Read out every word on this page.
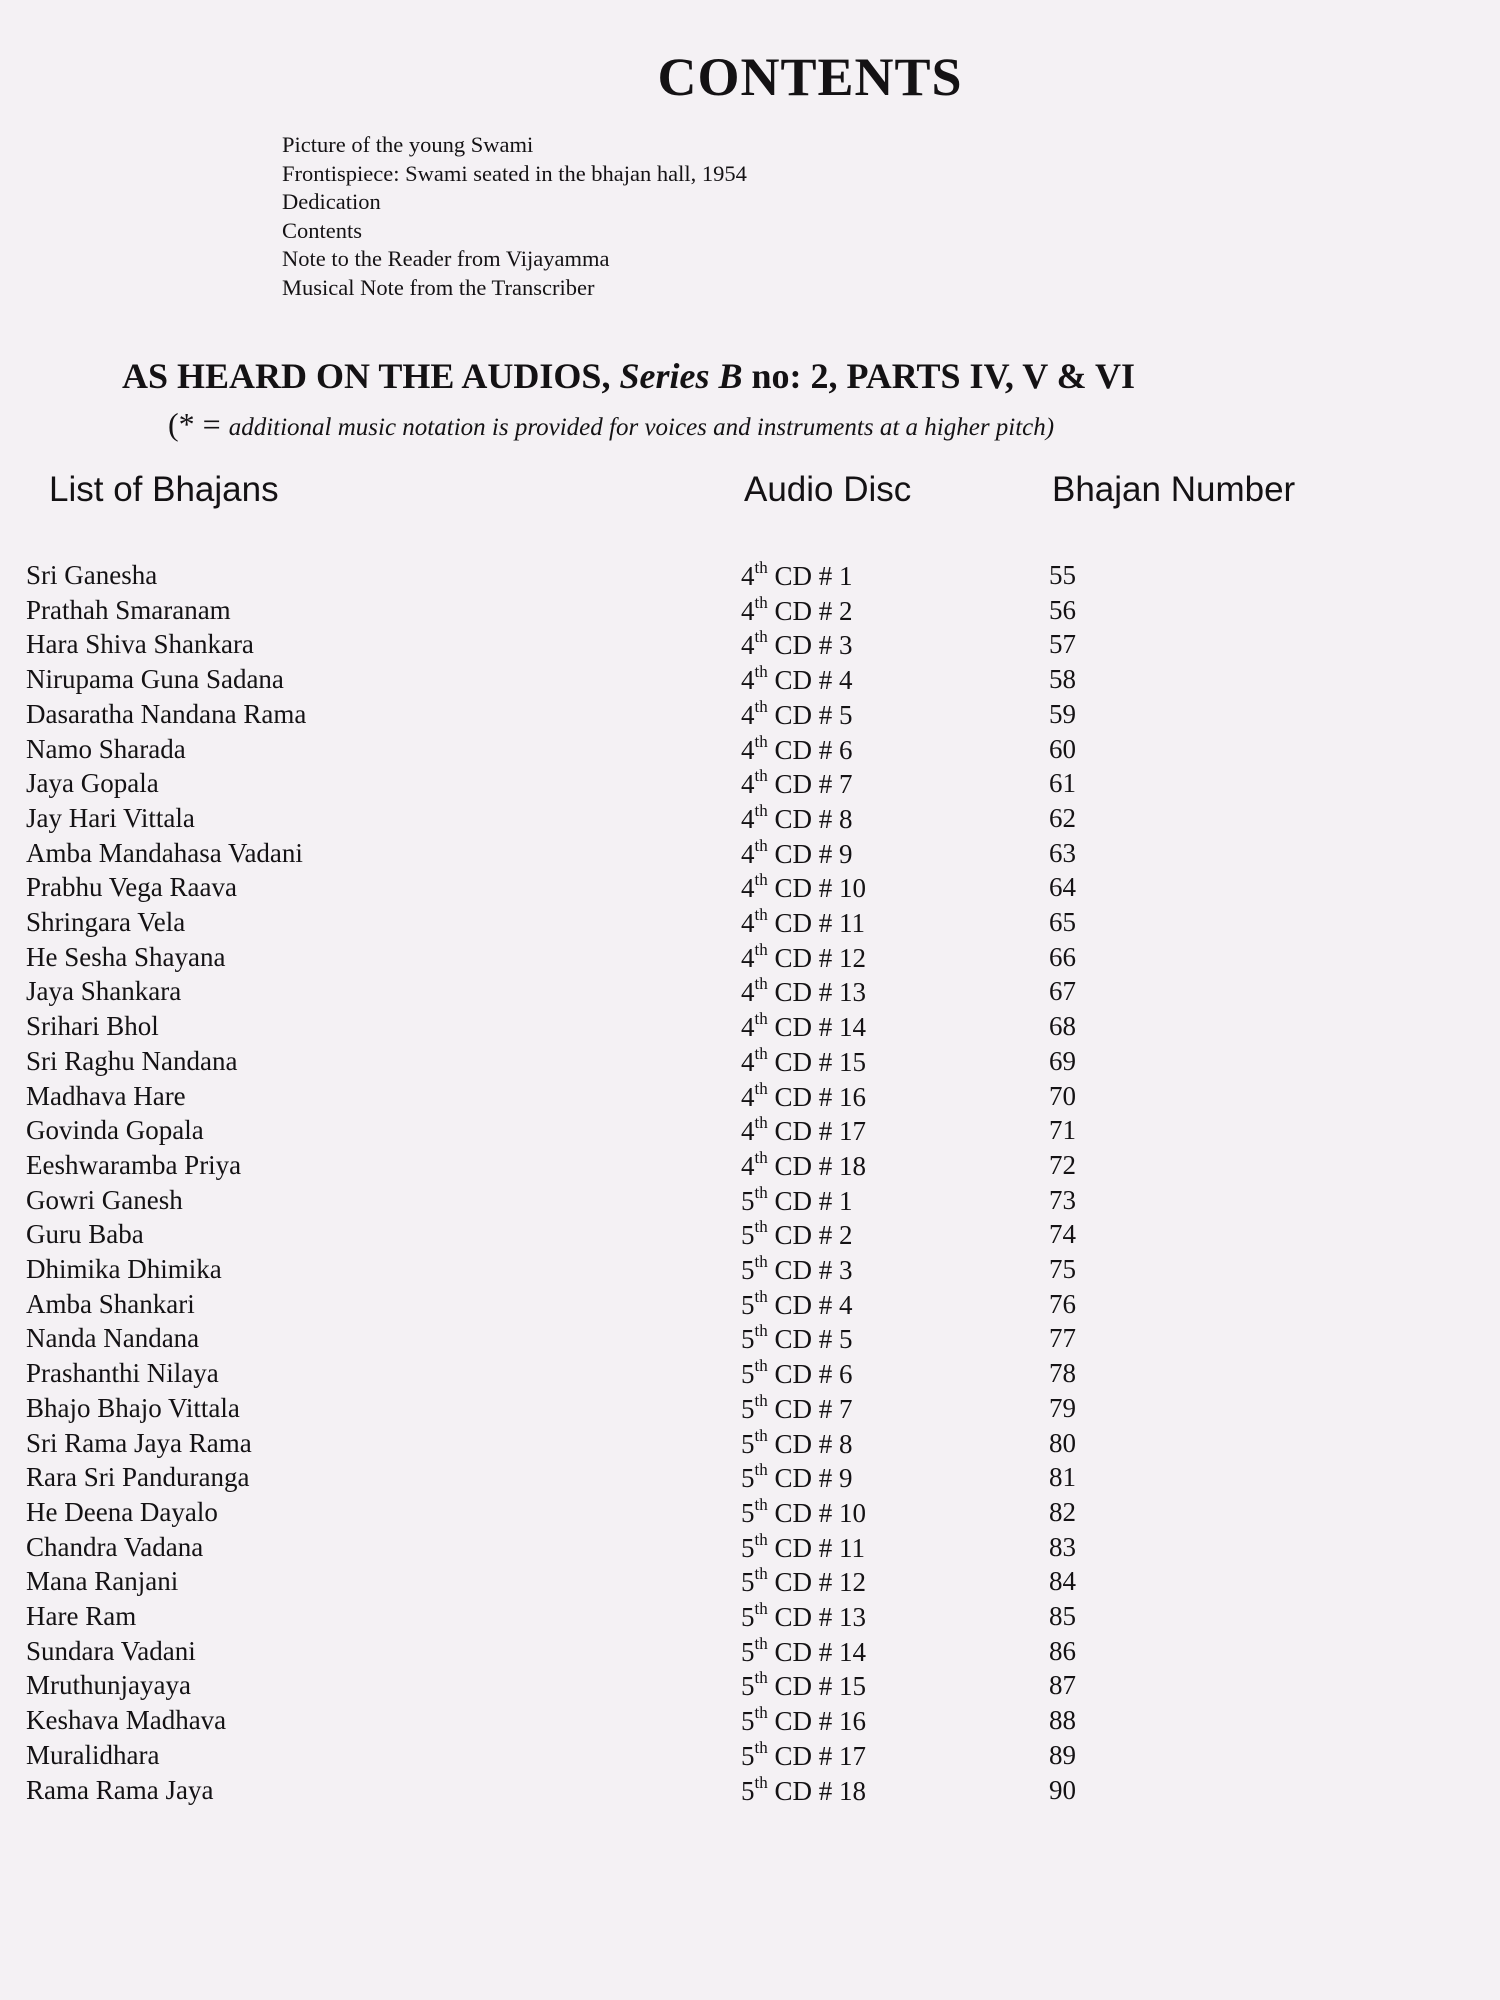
CONTENTS
Picture of the young Swami
Frontispiece: Swami seated in the bhajan hall, 1954
Dedication
Contents
Note to the Reader from Vijayamma
Musical Note from the Transcriber
AS HEARD ON THE AUDIOS, Series B no: 2, PARTS IV, V & VI
(* = additional music notation is provided for voices and instruments at a higher pitch)
List of Bhajans	Audio Disc	Bhajan Number
Sri Ganesha	4th CD # 1	55
Prathah Smaranam	4th CD # 2	56
Hara Shiva Shankara	4th CD # 3	57
Nirupama Guna Sadana	4th CD # 4	58
Dasaratha Nandana Rama	4th CD # 5	59
Namo Sharada	4th CD # 6	60
Jaya Gopala	4th CD # 7	61
Jay Hari Vittala	4th CD # 8	62
Amba Mandahasa Vadani	4th CD # 9	63
Prabhu Vega Raava	4th CD # 10	64
Shringara Vela	4th CD # 11	65
He Sesha Shayana	4th CD # 12	66
Jaya Shankara	4th CD # 13	67
Srihari Bhol	4th CD # 14	68
Sri Raghu Nandana	4th CD # 15	69
Madhava Hare	4th CD # 16	70
Govinda Gopala	4th CD # 17	71
Eeshwaramba Priya	4th CD # 18	72
Gowri Ganesh	5th CD # 1	73
Guru Baba	5th CD # 2	74
Dhimika Dhimika	5th CD # 3	75
Amba Shankari	5th CD # 4	76
Nanda Nandana	5th CD # 5	77
Prashanthi Nilaya	5th CD # 6	78
Bhajo Bhajo Vittala	5th CD # 7	79
Sri Rama Jaya Rama	5th CD # 8	80
Rara Sri Panduranga	5th CD # 9	81
He Deena Dayalo	5th CD # 10	82
Chandra Vadana	5th CD # 11	83
Mana Ranjani	5th CD # 12	84
Hare Ram	5th CD # 13	85
Sundara Vadani	5th CD # 14	86
Mruthunjayaya	5th CD # 15	87
Keshava Madhava	5th CD # 16	88
Muralidhara	5th CD # 17	89
Rama Rama Jaya	5th CD # 18	90
